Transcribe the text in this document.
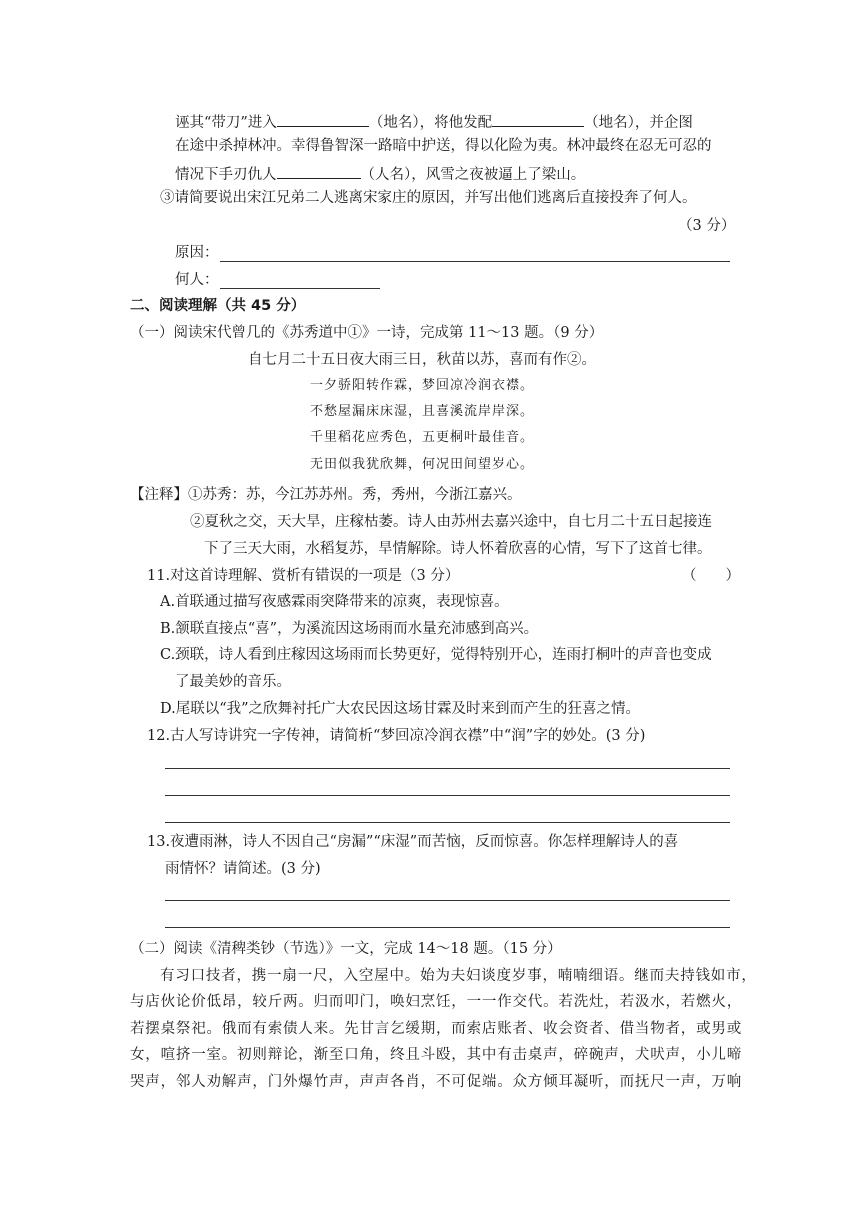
诬其“带刀”进入	（地名），将他发配	（地名），并企图
在途中杀掉林冲。幸得鲁智深一路暗中护送，得以化险为夷。林冲最终在忍无可忍的
情况下手刃仇人	（人名），风雪之夜被逼上了梁山。
③请简要说出宋江兄弟二人逃离宋家庄的原因，并写出他们逃离后直接投奔了何人。
（3 分）
原因：
何人：
二、阅读理解（共 45 分）
（一）阅读宋代曾几的《苏秀道中①》一诗，完成第 11～13 题。（9 分）
自七月二十五日夜大雨三日，秋苗以苏，喜而有作②。
一夕骄阳转作霖，梦回凉冷润衣襟。
不愁屋漏床床湿，且喜溪流岸岸深。
千里稻花应秀色，五更桐叶最佳音。
无田似我犹欣舞，何况田间望岁心。
【注释】①苏秀：苏，今江苏苏州。秀，秀州，今浙江嘉兴。
②夏秋之交，天大旱，庄稼枯萎。诗人由苏州去嘉兴途中，自七月二十五日起接连
下了三天大雨，水稻复苏，旱情解除。诗人怀着欣喜的心情，写下了这首七律。
11.对这首诗理解、赏析有错误的一项是（3 分）	（　　）
A.首联通过描写夜感霖雨突降带来的凉爽，表现惊喜。
B.颔联直接点“喜”，为溪流因这场雨而水量充沛感到高兴。
C.颈联，诗人看到庄稼因这场雨而长势更好，觉得特别开心，连雨打桐叶的声音也变成
了最美妙的音乐。
D.尾联以“我”之欣舞衬托广大农民因这场甘霖及时来到而产生的狂喜之情。
12.古人写诗讲究一字传神，请简析“梦回凉冷润衣襟”中“润”字的妙处。(3 分)
13.夜遭雨淋，诗人不因自己“房漏”“床湿”而苦恼，反而惊喜。你怎样理解诗人的喜
雨情怀？请简述。(3 分)
（二）阅读《清稗类钞（节选）》一文，完成 14～18 题。（15 分）
有习口技者，携一扇一尺，入空屋中。始为夫妇谈度岁事，喃喃细语。继而夫持钱如市，
与店伙论价低昂，较斤两。归而叩门，唤妇烹饪，一一作交代。若洗灶，若汲水，若燃火，
若摆桌祭祀。俄而有索债人来。先甘言乞缓期，而索店账者、收会资者、借当物者，或男或
女，喧挤一室。初则辩论，渐至口角，终且斗殴，其中有击桌声，碎碗声，犬吠声，小儿啼
哭声，邻人劝解声，门外爆竹声，声声各肖，不可促端。众方倾耳凝听，而抚尺一声，万响
